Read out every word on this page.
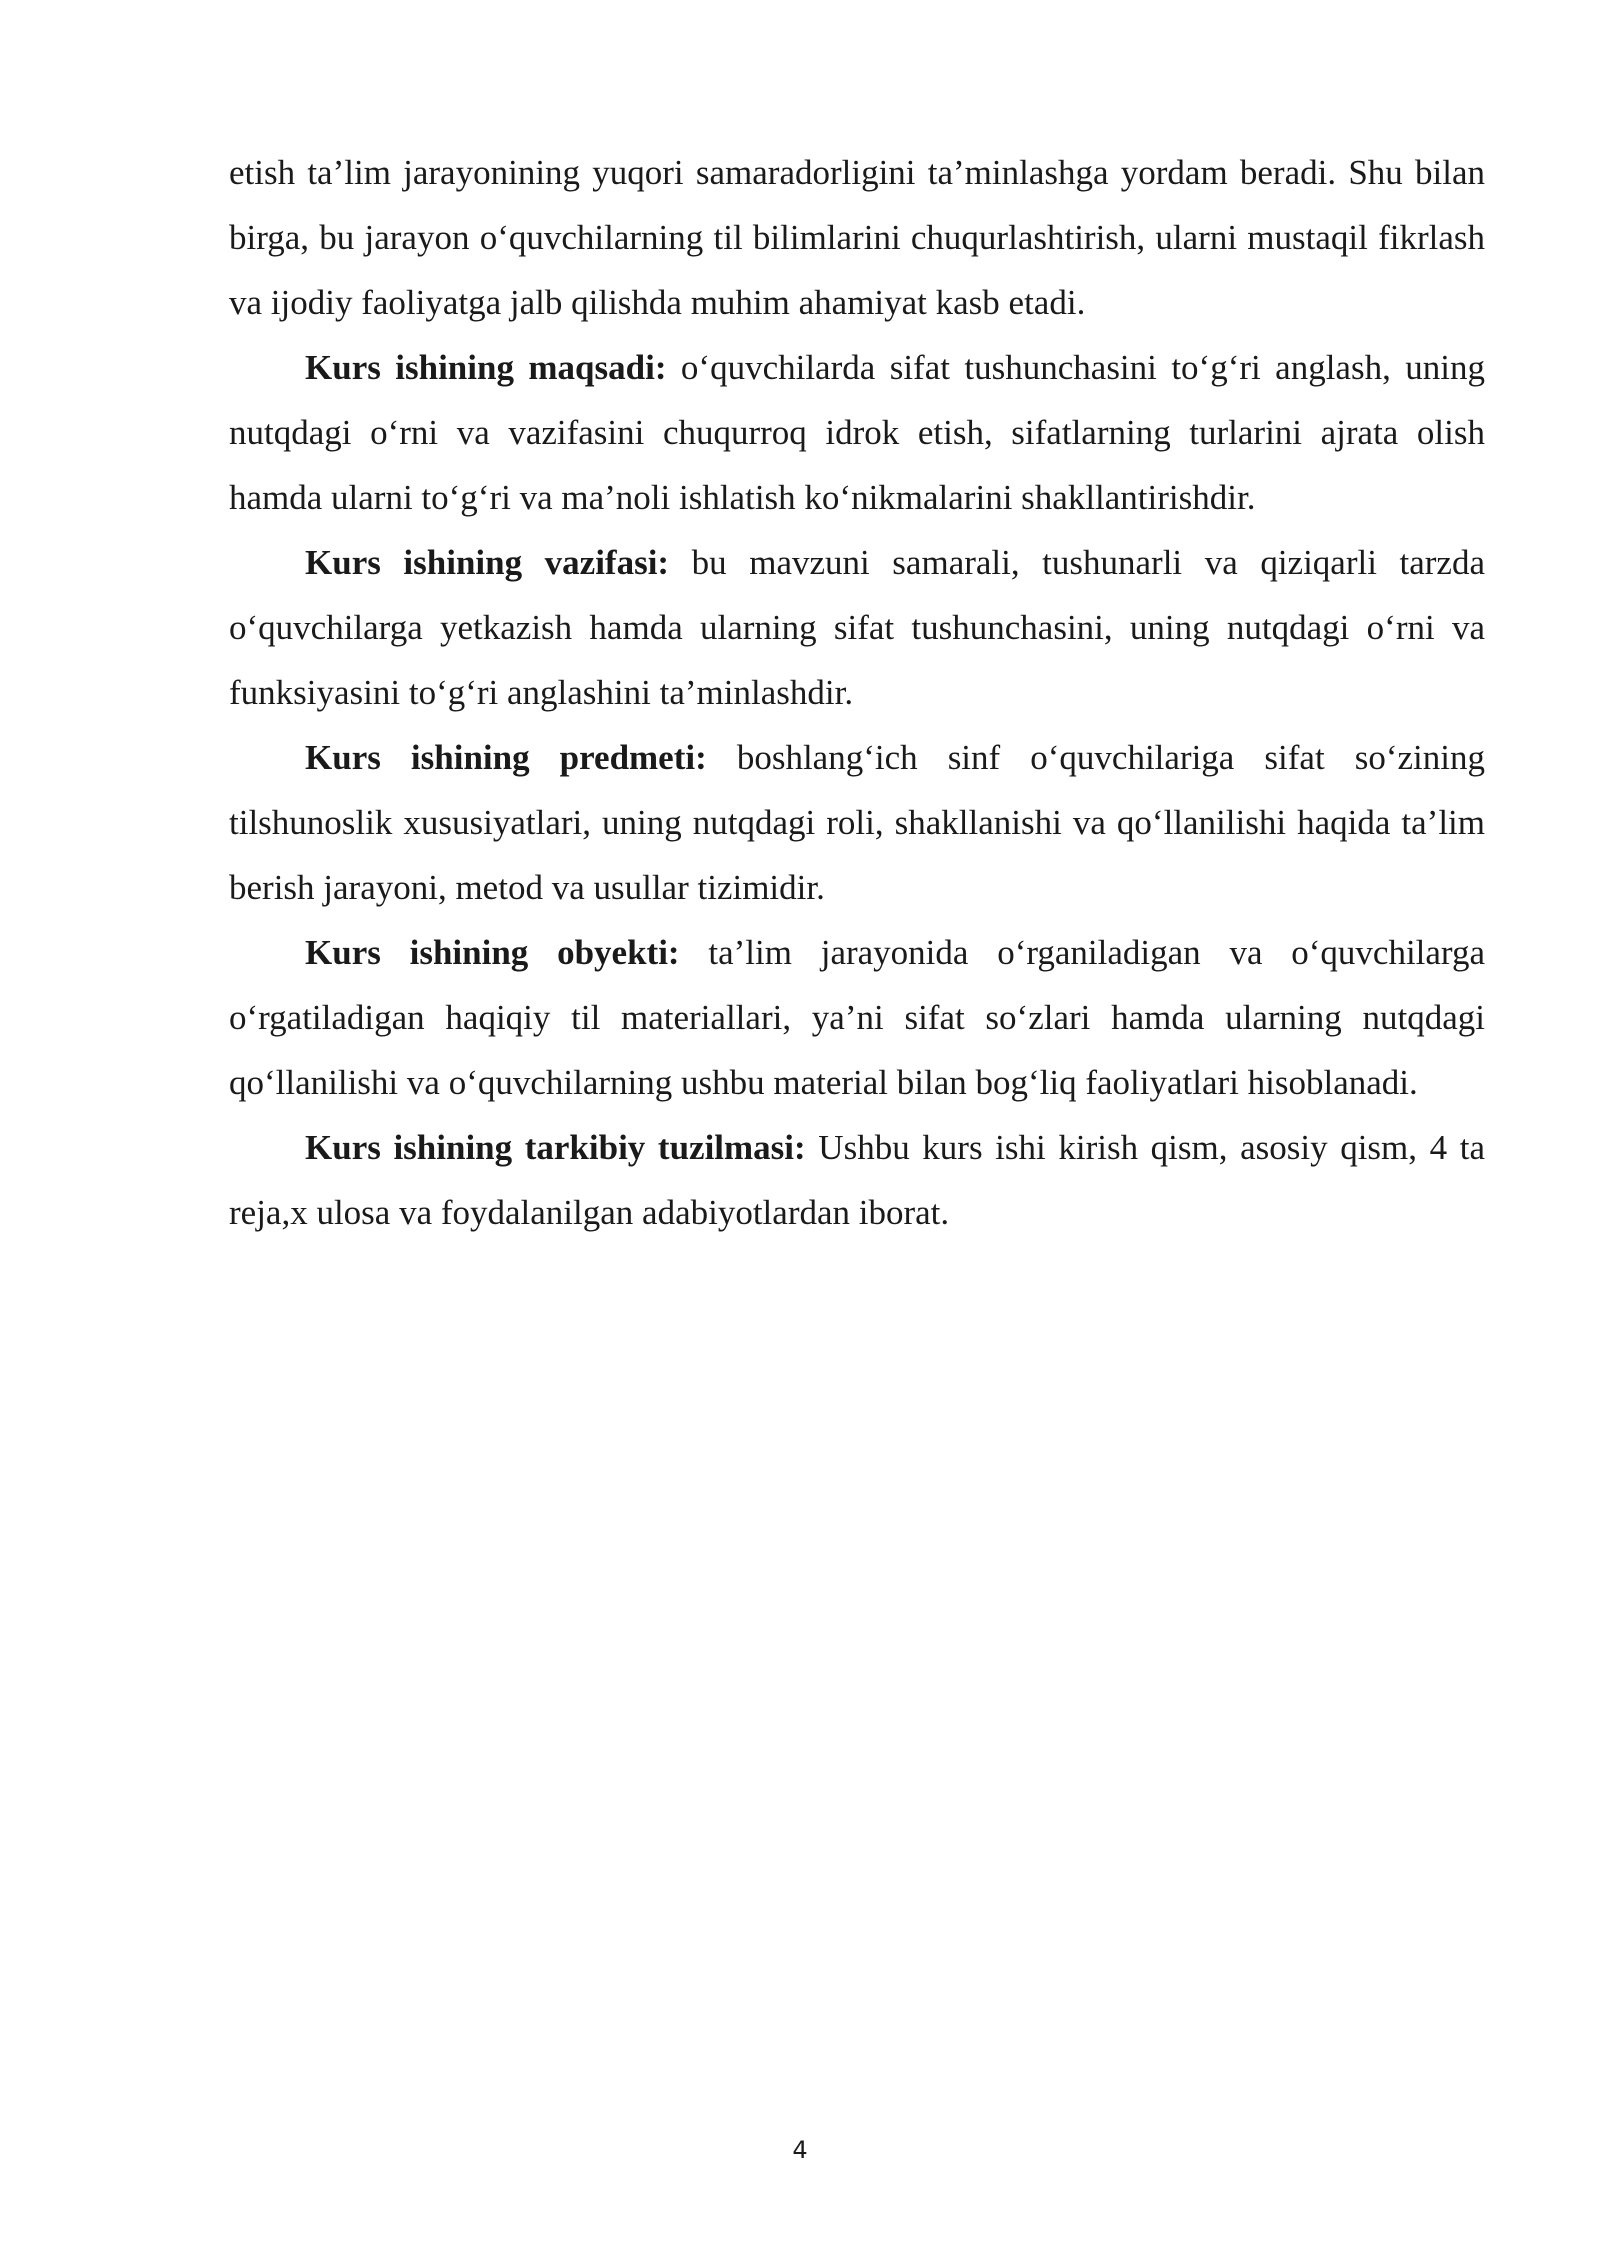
etish ta’lim jarayonining yuqori samaradorligini ta’minlashga yordam beradi. Shu bilan birga, bu jarayon o‘quvchilarning til bilimlarini chuqurlashtirish, ularni mustaqil fikrlash va ijodiy faoliyatga jalb qilishda muhim ahamiyat kasb etadi.

Kurs ishining maqsadi: o‘quvchilarda sifat tushunchasini to‘g‘ri anglash, uning nutqdagi o‘rni va vazifasini chuqurroq idrok etish, sifatlarning turlarini ajrata olish hamda ularni to‘g‘ri va ma’noli ishlatish ko‘nikmalarini shakllantirishdir.

Kurs ishining vazifasi: bu mavzuni samarali, tushunarli va qiziqarli tarzda o‘quvchilarga yetkazish hamda ularning sifat tushunchasini, uning nutqdagi o‘rni va funksiyasini to‘g‘ri anglashini ta’minlashdir.

Kurs ishining predmeti: boshlang‘ich sinf o‘quvchilariga sifat so‘zining tilshunoslik xususiyatlari, uning nutqdagi roli, shakllanishi va qo‘llanilishi haqida ta’lim berish jarayoni, metod va usullar tizimidir.

Kurs ishining obyekti: ta’lim jarayonida o‘rganiladigan va o‘quvchilarga o‘rgatiladigan haqiqiy til materiallari, ya’ni sifat so‘zlari hamda ularning nutqdagi qo‘llanilishi va o‘quvchilarning ushbu material bilan bog‘liq faoliyatlari hisoblanadi.

Kurs ishining tarkibiy tuzilmasi: Ushbu kurs ishi kirish qism, asosiy qism, 4 ta reja,x ulosa va foydalanilgan adabiyotlardan iborat.

4
